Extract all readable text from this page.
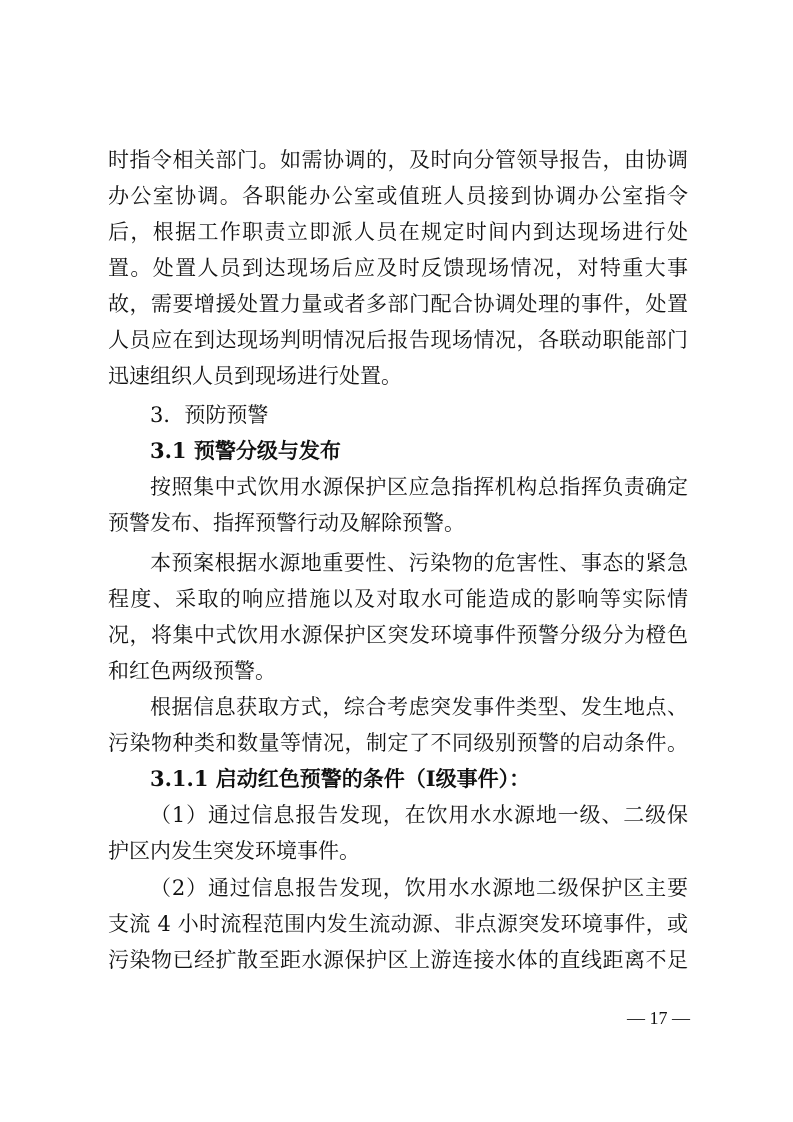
时指令相关部门。如需协调的，及时向分管领导报告，由协调
办公室协调。各职能办公室或值班人员接到协调办公室指令
后，根据工作职责立即派人员在规定时间内到达现场进行处
置。处置人员到达现场后应及时反馈现场情况，对特重大事
故，需要增援处置力量或者多部门配合协调处理的事件，处置
人员应在到达现场判明情况后报告现场情况，各联动职能部门
迅速组织人员到现场进行处置。
3．预防预警
3.1 预警分级与发布
按照集中式饮用水源保护区应急指挥机构总指挥负责确定
预警发布、指挥预警行动及解除预警。
本预案根据水源地重要性、污染物的危害性、事态的紧急
程度、采取的响应措施以及对取水可能造成的影响等实际情
况，将集中式饮用水源保护区突发环境事件预警分级分为橙色
和红色两级预警。
根据信息获取方式，综合考虑突发事件类型、发生地点、
污染物种类和数量等情况，制定了不同级别预警的启动条件。
3.1.1 启动红色预警的条件（Ⅰ级事件）：
（1）通过信息报告发现，在饮用水水源地一级、二级保
护区内发生突发环境事件。
（2）通过信息报告发现，饮用水水源地二级保护区主要
支流 4 小时流程范围内发生流动源、非点源突发环境事件，或
污染物已经扩散至距水源保护区上游连接水体的直线距离不足
— 17 —
